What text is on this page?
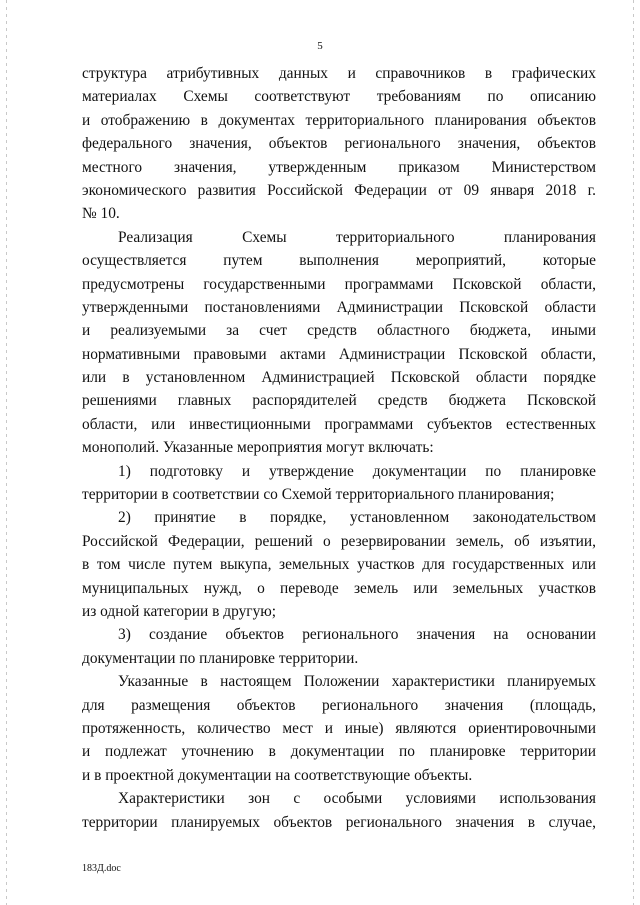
5
структура атрибутивных данных и справочников в графических
материалах Схемы соответствуют требованиям по описанию
и отображению в документах территориального планирования объектов
федерального значения, объектов регионального значения, объектов
местного значения, утвержденным приказом Министерством
экономического развития Российской Федерации от 09 января 2018 г.
№ 10.
Реализация Схемы территориального планирования
осуществляется путем выполнения мероприятий, которые
предусмотрены государственными программами Псковской области,
утвержденными постановлениями Администрации Псковской области
и реализуемыми за счет средств областного бюджета, иными
нормативными правовыми актами Администрации Псковской области,
или в установленном Администрацией Псковской области порядке
решениями главных распорядителей средств бюджета Псковской
области, или инвестиционными программами субъектов естественных
монополий. Указанные мероприятия могут включать:
1) подготовку и утверждение документации по планировке
территории в соответствии со Схемой территориального планирования;
2) принятие в порядке, установленном законодательством
Российской Федерации, решений о резервировании земель, об изъятии,
в том числе путем выкупа, земельных участков для государственных или
муниципальных нужд, о переводе земель или земельных участков
из одной категории в другую;
3) создание объектов регионального значения на основании
документации по планировке территории.
Указанные в настоящем Положении характеристики планируемых
для размещения объектов регионального значения (площадь,
протяженность, количество мест и иные) являются ориентировочными
и подлежат уточнению в документации по планировке территории
и в проектной документации на соответствующие объекты.
Характеристики зон с особыми условиями использования
территории планируемых объектов регионального значения в случае,
183Д.doc
